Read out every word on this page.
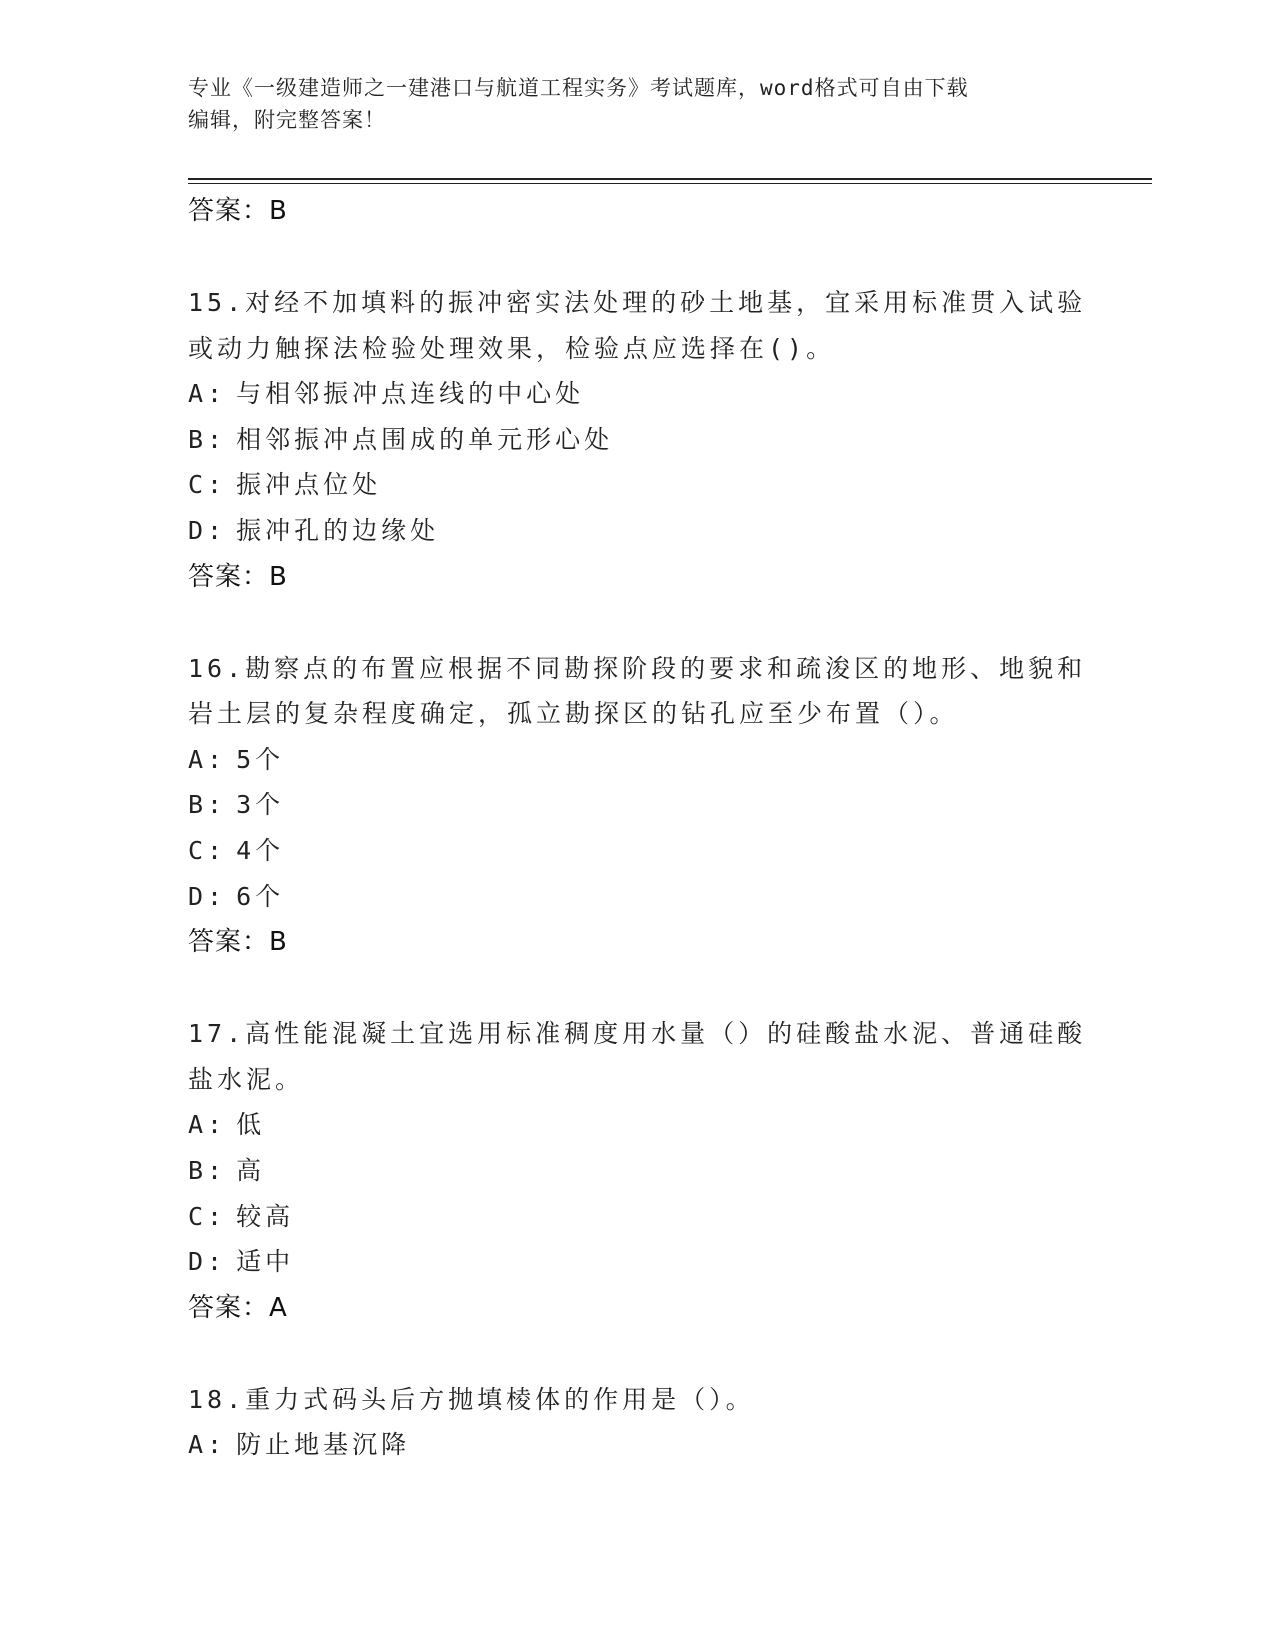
专业《一级建造师之一建港口与航道工程实务》考试题库，word格式可自由下载
编辑，附完整答案！
答案：B
15.对经不加填料的振冲密实法处理的砂土地基，宜采用标准贯入试验
或动力触探法检验处理效果，检验点应选择在()。
A: 与相邻振冲点连线的中心处
B: 相邻振冲点围成的单元形心处
C: 振冲点位处
D: 振冲孔的边缘处
答案：B
16.勘察点的布置应根据不同勘探阶段的要求和疏浚区的地形、地貌和
岩土层的复杂程度确定，孤立勘探区的钻孔应至少布置（）。
A: 5个
B: 3个
C: 4个
D: 6个
答案：B
17.高性能混凝土宜选用标准稠度用水量（）的硅酸盐水泥、普通硅酸
盐水泥。
A: 低
B: 高
C: 较高
D: 适中
答案：A
18.重力式码头后方抛填棱体的作用是（）。
A: 防止地基沉降
